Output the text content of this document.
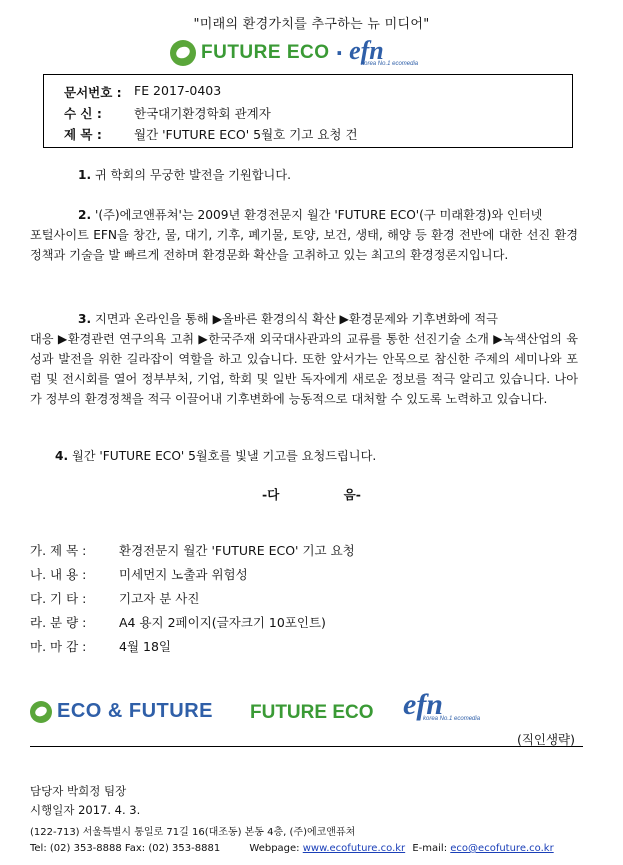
"미래의 환경가치를 추구하는 뉴 미디어"
FUTURE ECO · efn
korea No.1 ecomedia
문서번호 : FE 2017-0403
수 신 :	한국대기환경학회 관계자
제 목 :	월간 'FUTURE ECO' 5월호 기고 요청 건
1. 귀 학회의 무궁한 발전을 기원합니다.
2. '(주)에코앤퓨쳐'는 2009년 환경전문지 월간 'FUTURE ECO'(구 미래환경)와 인터넷
포털사이트 EFN을 창간, 물, 대기, 기후, 폐기물, 토양, 보건, 생태, 해양 등 환경 전반에 대한 선진 환경정책과 기술을 발 빠르게 전하며 환경문화 확산을 고취하고 있는 최고의 환경정론지입니다.
3. 지면과 온라인을 통해 ▶올바른 환경의식 확산 ▶환경문제와 기후변화에 적극
대응 ▶환경관련 연구의욕 고취 ▶한국주재 외국대사관과의 교류를 통한 선진기술 소개 ▶녹색산업의 육성과 발전을 위한 길라잡이 역할을 하고 있습니다. 또한 앞서가는 안목으로 참신한 주제의 세미나와 포럼 및 전시회를 열어 정부부처, 기업, 학회 및 일반 독자에게 새로운 정보를 적극 알리고 있습니다. 나아가 정부의 환경정책을 적극 이끌어내 기후변화에 능동적으로 대처할 수 있도록 노력하고 있습니다.
4. 월간 'FUTURE ECO' 5월호를 빛낼 기고를 요청드립니다.
-다 음-
가. 제 목 :	환경전문지 월간 'FUTURE ECO' 기고 요청
나. 내 용 :	미세먼지 노출과 위험성
다. 기 타 :	기고자 분 사진
라. 분 량 :	A4 용지 2페이지(글자크기 10포인트)
마. 마 감 :	4월 18일
ECO & FUTURE FUTURE ECO efn
korea No.1 ecomedia
(직인생략)
담당자 박희정 팀장
시행일자 2017. 4. 3.
(122-713) 서울특별시 통일로 71길 16(대조동) 본동 4층, (주)에코앤퓨쳐
Tel: (02) 353-8888 Fax: (02) 353-8881	Webpage: www.ecofuture.co.kr E-mail: eco@ecofuture.co.kr
